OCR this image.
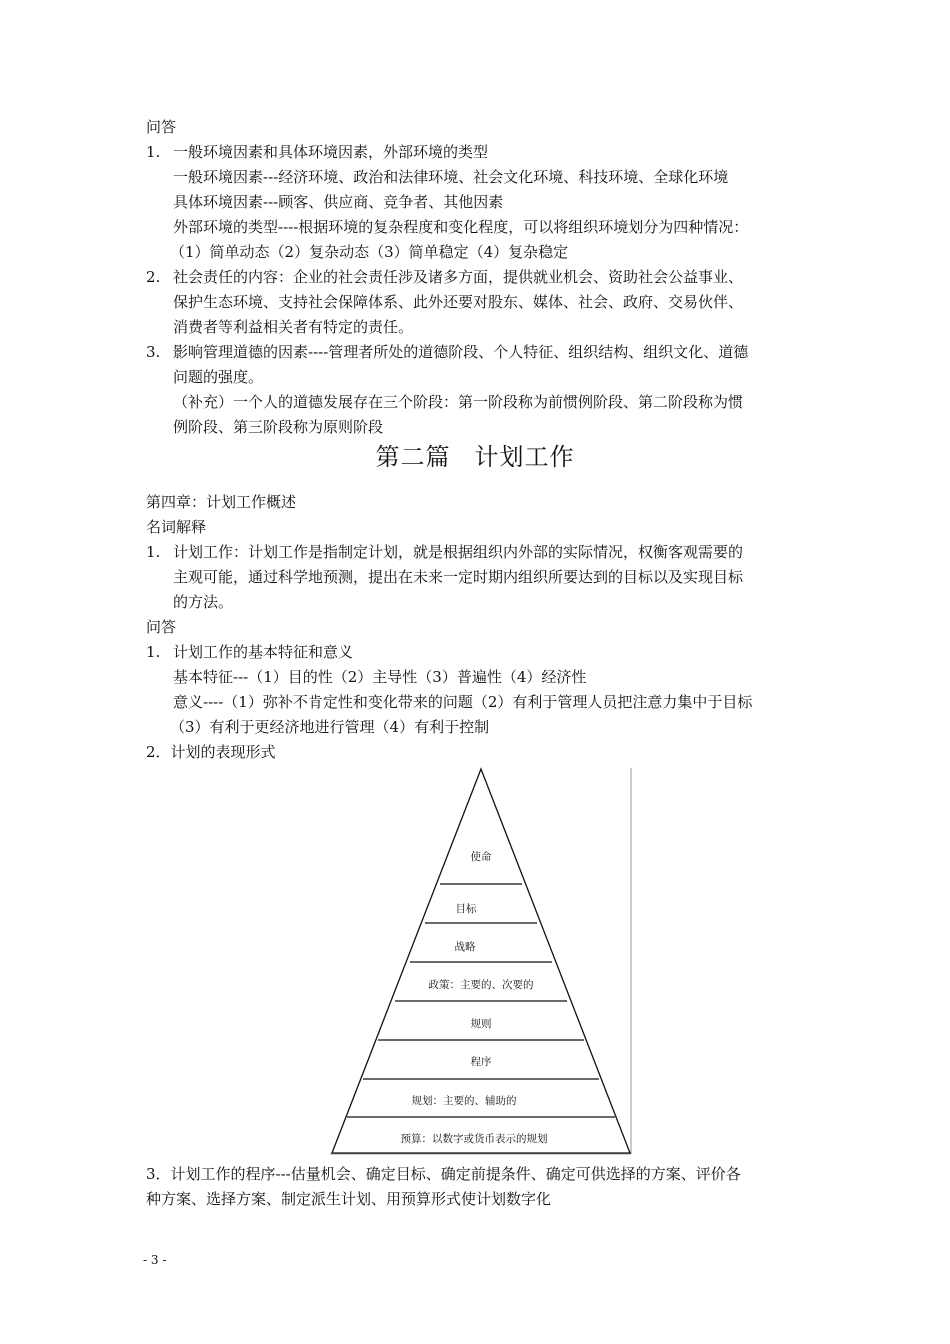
问答
1. 一般环境因素和具体环境因素，外部环境的类型
一般环境因素---经济环境、政治和法律环境、社会文化环境、科技环境、全球化环境
具体环境因素---顾客、供应商、竞争者、其他因素
外部环境的类型----根据环境的复杂程度和变化程度，可以将组织环境划分为四种情况：
（1）简单动态（2）复杂动态（3）简单稳定（4）复杂稳定
2. 社会责任的内容：企业的社会责任涉及诸多方面，提供就业机会、资助社会公益事业、
保护生态环境、支持社会保障体系、此外还要对股东、媒体、社会、政府、交易伙伴、
消费者等利益相关者有特定的责任。
3. 影响管理道德的因素----管理者所处的道德阶段、个人特征、组织结构、组织文化、道德
问题的强度。
（补充）一个人的道德发展存在三个阶段：第一阶段称为前惯例阶段、第二阶段称为惯
例阶段、第三阶段称为原则阶段
第二篇 计划工作
第四章：计划工作概述
名词解释
1. 计划工作：计划工作是指制定计划，就是根据组织内外部的实际情况，权衡客观需要的
主观可能，通过科学地预测，提出在未来一定时期内组织所要达到的目标以及实现目标
的方法。
问答
1. 计划工作的基本特征和意义
基本特征---（1）目的性（2）主导性（3）普遍性（4）经济性
意义----（1）弥补不肯定性和变化带来的问题（2）有利于管理人员把注意力集中于目标
（3）有利于更经济地进行管理（4）有利于控制
2．计划的表现形式
使命
目标
战略
政策：主要的、次要的
规则
程序
规划：主要的、辅助的
预算：以数字或货币表示的规划
3．计划工作的程序---估量机会、确定目标、确定前提条件、确定可供选择的方案、评价各
种方案、选择方案、制定派生计划、用预算形式使计划数字化
- 3 -
